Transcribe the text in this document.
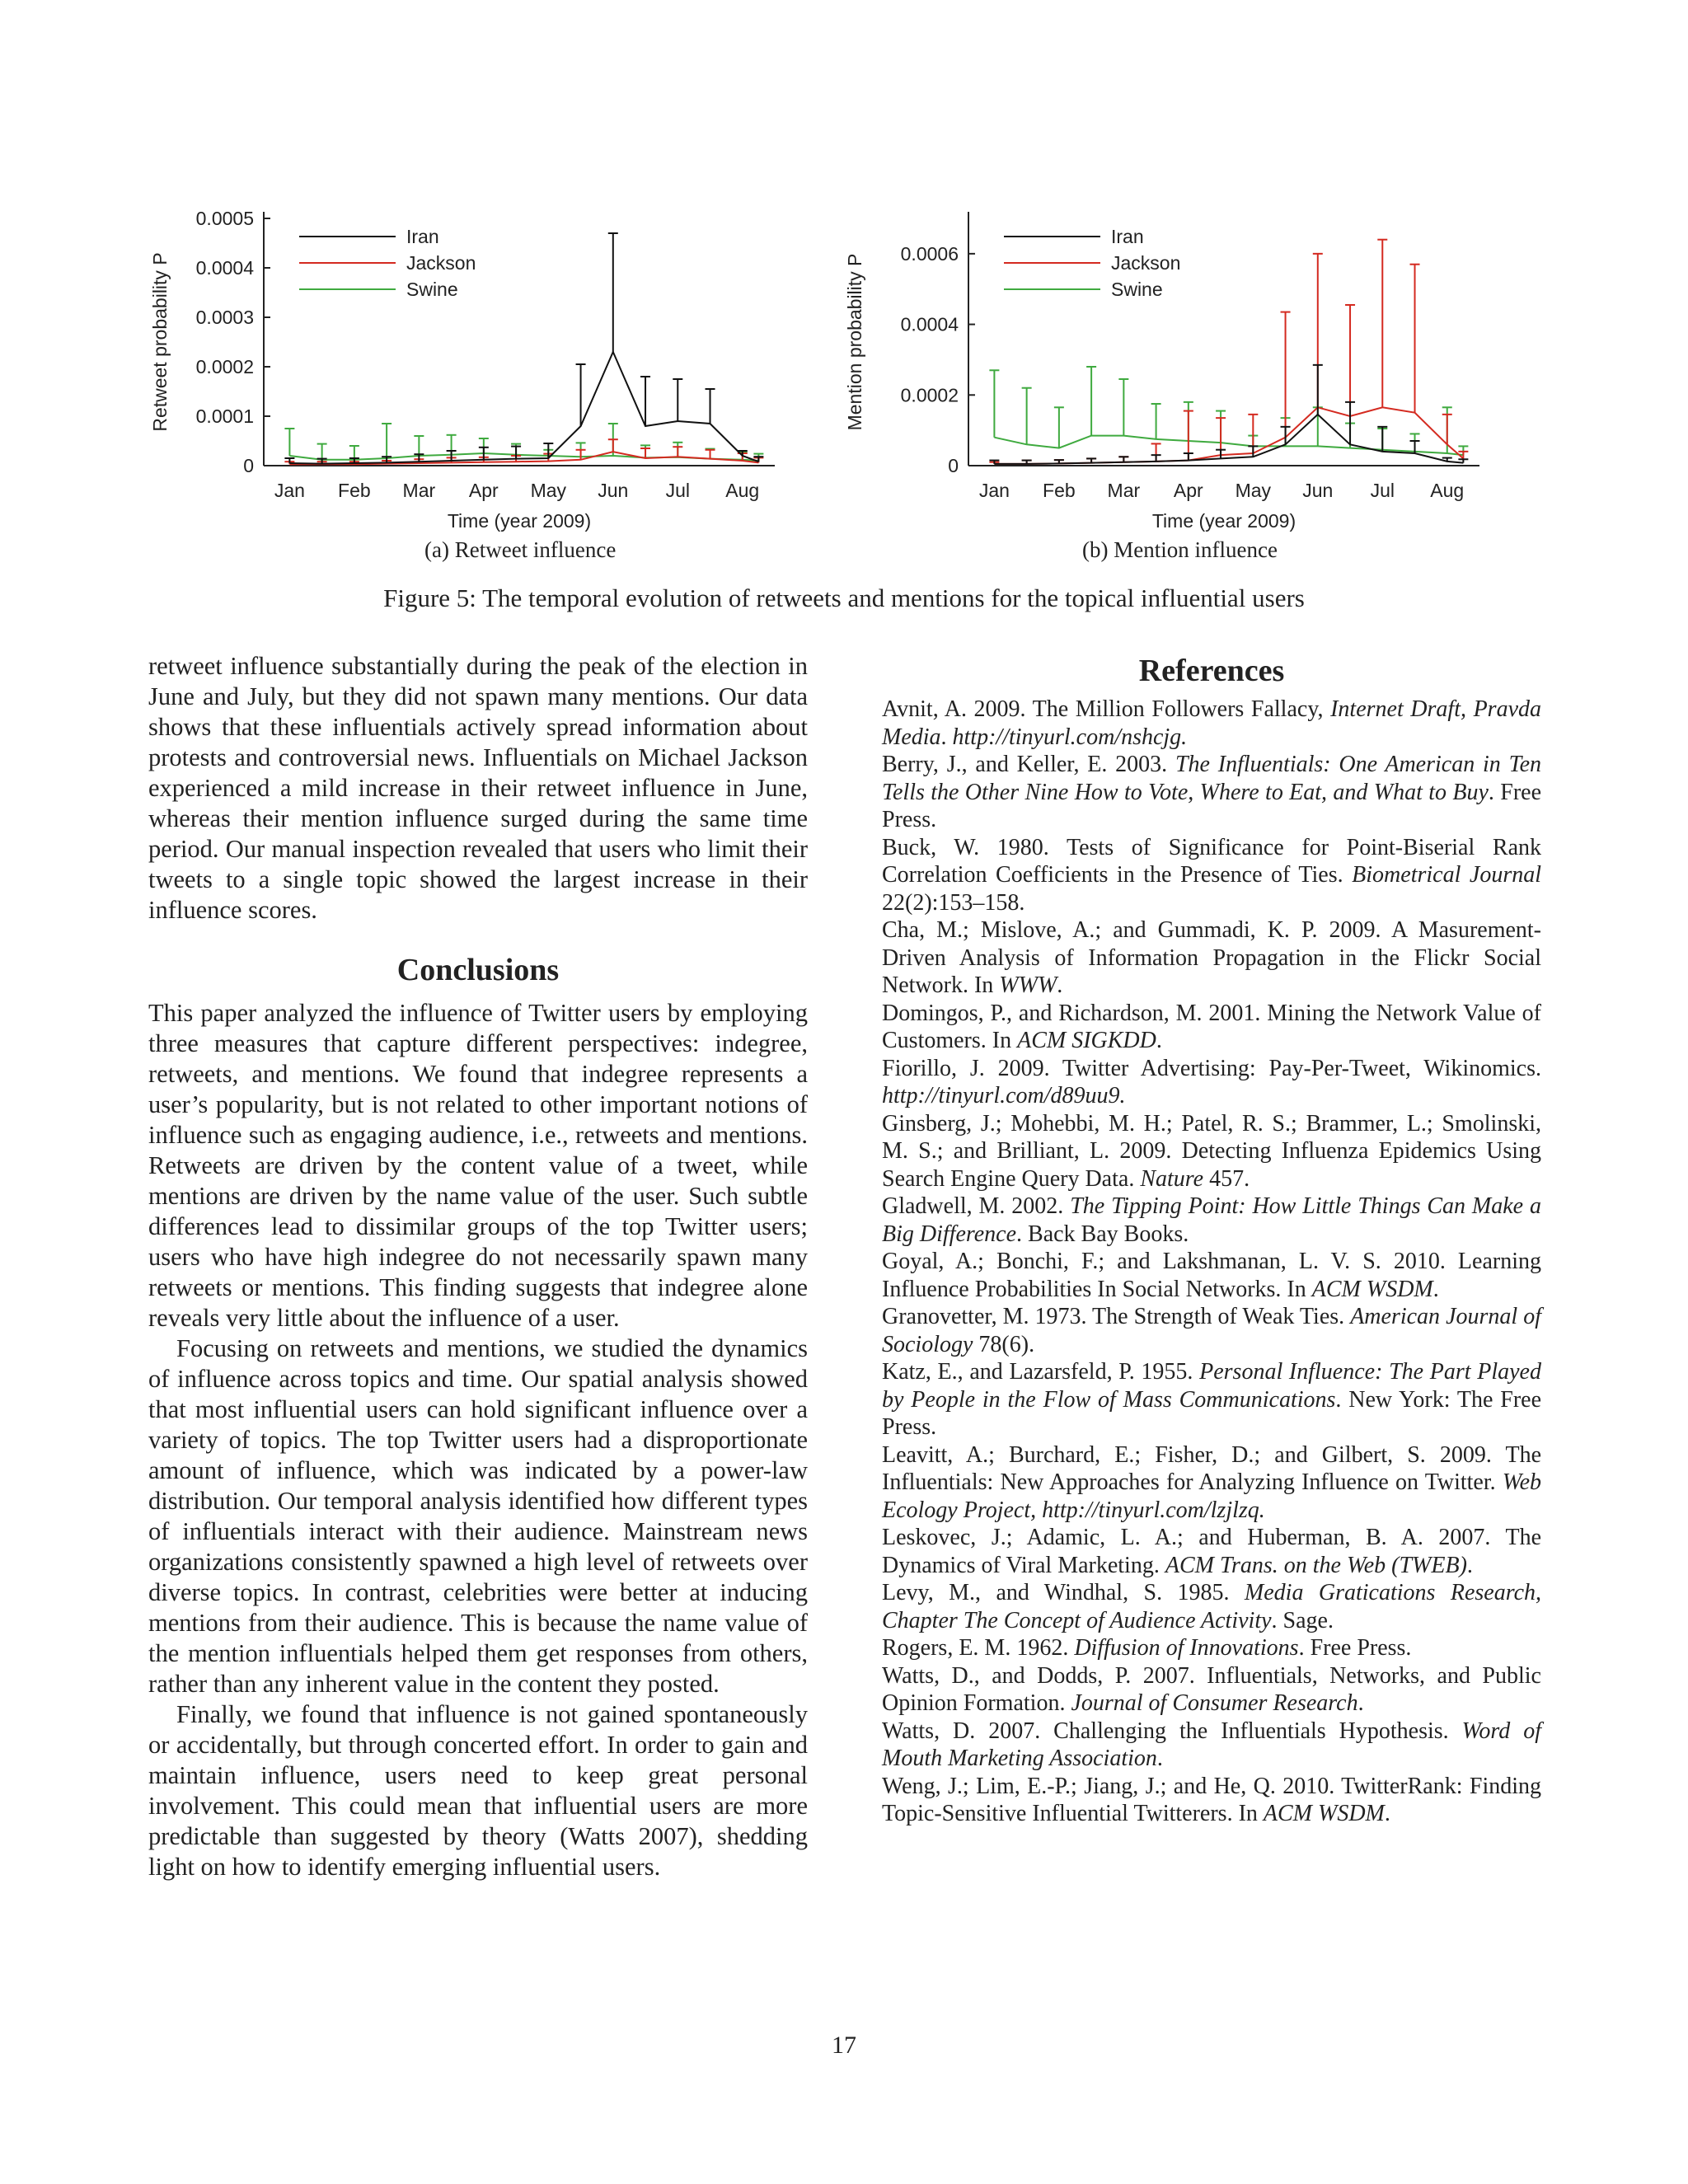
0
0.0001
0.0002
0.0003
0.0004
0.0005
Jan Feb Mar Apr May Jun Jul Aug
Time (year 2009)
Retweet probability P
Iran
Jackson
Swine
0
0.0002
0.0004
0.0006
Jan Feb Mar Apr May Jun Jul Aug
Time (year 2009)
Mention probability P
Iran
Jackson
Swine
(a) Retweet influence	(b) Mention influence
Figure 5: The temporal evolution of retweets and mentions for the topical influential users

retweet influence substantially during the peak of the election in June and July, but they did not spawn many mentions. Our data shows that these influentials actively spread information about protests and controversial news. Influentials on Michael Jackson experienced a mild increase in their retweet influence in June, whereas their mention influence surged during the same time period. Our manual inspection revealed that users who limit their tweets to a single topic showed the largest increase in their influence scores.

Conclusions

This paper analyzed the influence of Twitter users by employing three measures that capture different perspectives: indegree, retweets, and mentions. We found that indegree represents a user’s popularity, but is not related to other important notions of influence such as engaging audience, i.e., retweets and mentions. Retweets are driven by the content value of a tweet, while mentions are driven by the name value of the user. Such subtle differences lead to dissimilar groups of the top Twitter users; users who have high indegree do not necessarily spawn many retweets or mentions. This finding suggests that indegree alone reveals very little about the influence of a user.

Focusing on retweets and mentions, we studied the dynamics of influence across topics and time. Our spatial analysis showed that most influential users can hold significant influence over a variety of topics. The top Twitter users had a disproportionate amount of influence, which was indicated by a power-law distribution. Our temporal analysis identified how different types of influentials interact with their audience. Mainstream news organizations consistently spawned a high level of retweets over diverse topics. In contrast, celebrities were better at inducing mentions from their audience. This is because the name value of the mention influentials helped them get responses from others, rather than any inherent value in the content they posted.

Finally, we found that influence is not gained spontaneously or accidentally, but through concerted effort. In order to gain and maintain influence, users need to keep great personal involvement. This could mean that influential users are more predictable than suggested by theory (Watts 2007), shedding light on how to identify emerging influential users.

References

Avnit, A. 2009. The Million Followers Fallacy, Internet Draft, Pravda Media. http://tinyurl.com/nshcjg.

Berry, J., and Keller, E. 2003. The Influentials: One American in Ten Tells the Other Nine How to Vote, Where to Eat, and What to Buy. Free Press.

Buck, W. 1980. Tests of Significance for Point-Biserial Rank Correlation Coefficients in the Presence of Ties. Biometrical Journal 22(2):153–158.

Cha, M.; Mislove, A.; and Gummadi, K. P. 2009. A Masurement-Driven Analysis of Information Propagation in the Flickr Social Network. In WWW.

Domingos, P., and Richardson, M. 2001. Mining the Network Value of Customers. In ACM SIGKDD.

Fiorillo, J. 2009. Twitter Advertising: Pay-Per-Tweet, Wikinomics. http://tinyurl.com/d89uu9.

Ginsberg, J.; Mohebbi, M. H.; Patel, R. S.; Brammer, L.; Smolinski, M. S.; and Brilliant, L. 2009. Detecting Influenza Epidemics Using Search Engine Query Data. Nature 457.

Gladwell, M. 2002. The Tipping Point: How Little Things Can Make a Big Difference. Back Bay Books.

Goyal, A.; Bonchi, F.; and Lakshmanan, L. V. S. 2010. Learning Influence Probabilities In Social Networks. In ACM WSDM.

Granovetter, M. 1973. The Strength of Weak Ties. American Journal of Sociology 78(6).

Katz, E., and Lazarsfeld, P. 1955. Personal Influence: The Part Played by People in the Flow of Mass Communications. New York: The Free Press.

Leavitt, A.; Burchard, E.; Fisher, D.; and Gilbert, S. 2009. The Influentials: New Approaches for Analyzing Influence on Twitter. Web Ecology Project, http://tinyurl.com/lzjlzq.

Leskovec, J.; Adamic, L. A.; and Huberman, B. A. 2007. The Dynamics of Viral Marketing. ACM Trans. on the Web (TWEB).

Levy, M., and Windhal, S. 1985. Media Gratications Research, Chapter The Concept of Audience Activity. Sage.

Rogers, E. M. 1962. Diffusion of Innovations. Free Press.

Watts, D., and Dodds, P. 2007. Influentials, Networks, and Public Opinion Formation. Journal of Consumer Research.

Watts, D. 2007. Challenging the Influentials Hypothesis. Word of Mouth Marketing Association.

Weng, J.; Lim, E.-P.; Jiang, J.; and He, Q. 2010. TwitterRank: Finding Topic-Sensitive Influential Twitterers. In ACM WSDM.

17
